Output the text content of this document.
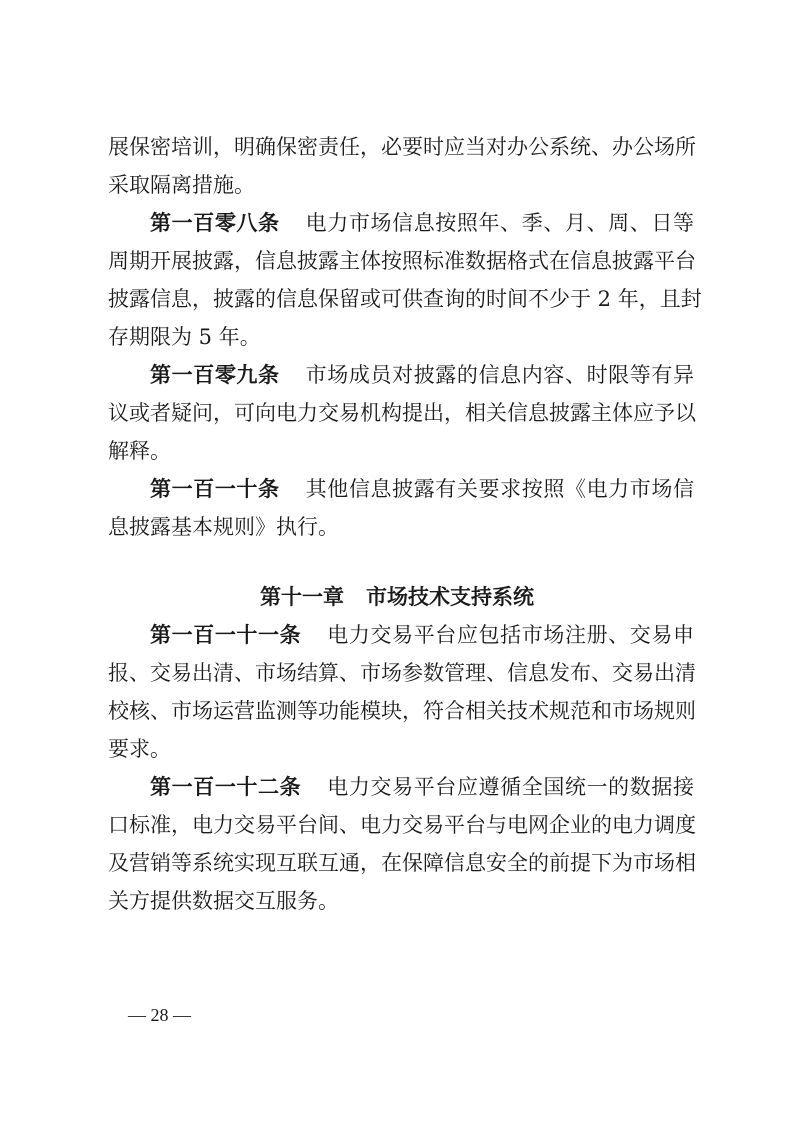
展保密培训，明确保密责任，必要时应当对办公系统、办公场所
采取隔离措施。
第一百零八条 电力市场信息按照年、季、月、周、日等
周期开展披露，信息披露主体按照标准数据格式在信息披露平台
披露信息，披露的信息保留或可供查询的时间不少于 2 年，且封
存期限为 5 年。
第一百零九条 市场成员对披露的信息内容、时限等有异
议或者疑问，可向电力交易机构提出，相关信息披露主体应予以
解释。
第一百一十条 其他信息披露有关要求按照《电力市场信
息披露基本规则》执行。
第十一章 市场技术支持系统
第一百一十一条 电力交易平台应包括市场注册、交易申
报、交易出清、市场结算、市场参数管理、信息发布、交易出清
校核、市场运营监测等功能模块，符合相关技术规范和市场规则
要求。
第一百一十二条 电力交易平台应遵循全国统一的数据接
口标准，电力交易平台间、电力交易平台与电网企业的电力调度
及营销等系统实现互联互通，在保障信息安全的前提下为市场相
关方提供数据交互服务。
— 28 —
